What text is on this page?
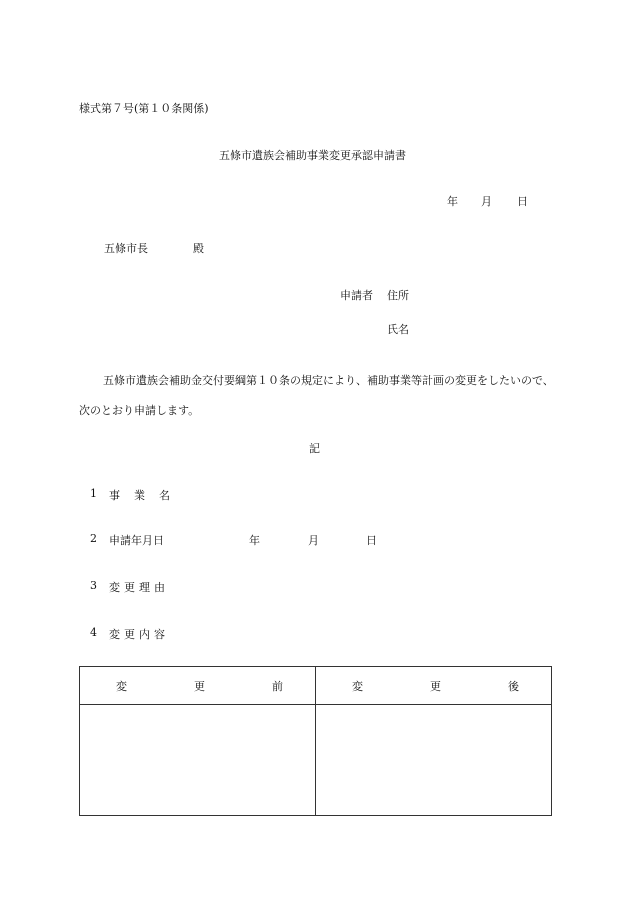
様式第７号(第１０条関係)
五條市遺族会補助事業変更承認申請書
年 月 日
五條市長	殿
申請者 住所
氏名
五條市遺族会補助金交付要綱第１０条の規定により、補助事業等計画の変更をしたいので、次のとおり申請します。
記
1 事業名
2 申請年月日	年	月	日
3 変更理由
4 変更内容
変 更 前	変 更 後
